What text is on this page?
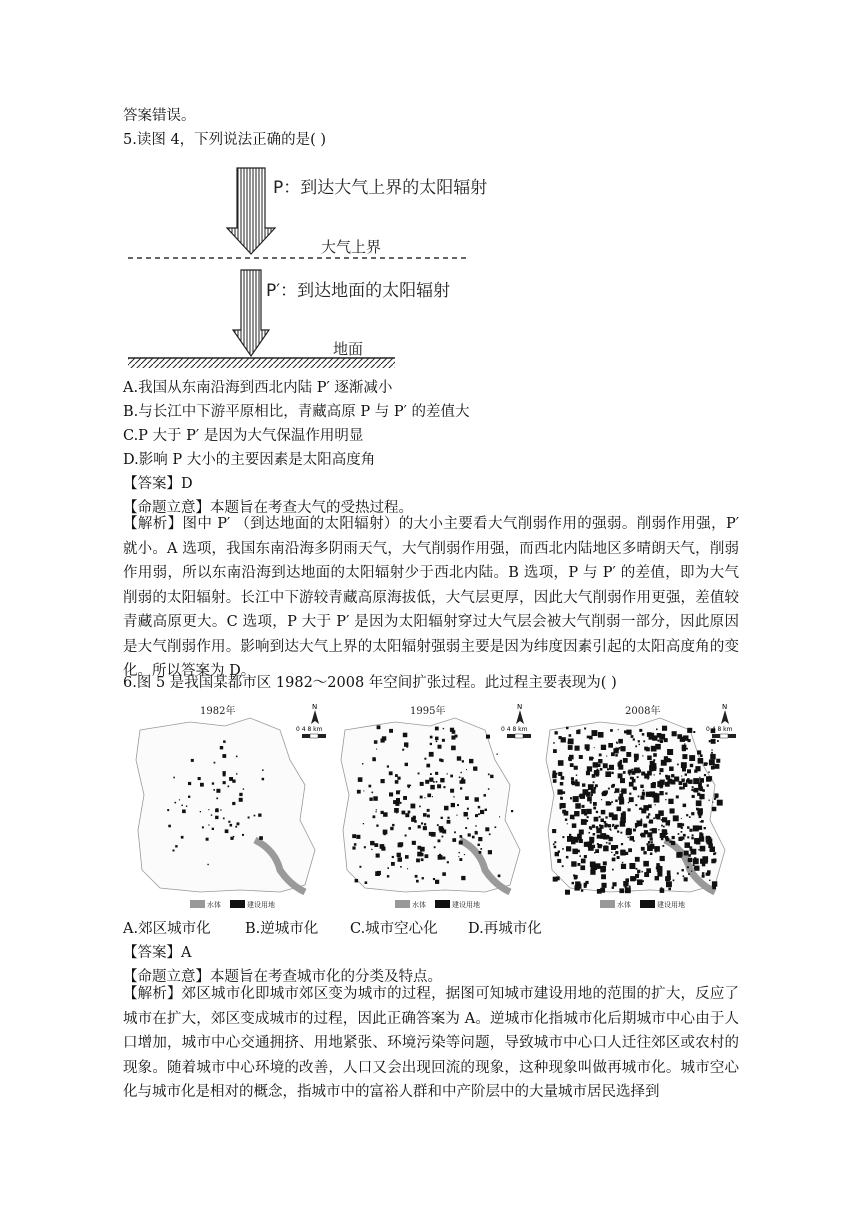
答案错误。
5.读图 4，下列说法正确的是( )
P：到达大气上界的太阳辐射
大气上界
P′：到达地面的太阳辐射
地面
A.我国从东南沿海到西北内陆 P′ 逐渐减小
B.与长江中下游平原相比，青藏高原 P 与 P′ 的差值大
C.P 大于 P′ 是因为大气保温作用明显
D.影响 P 大小的主要因素是太阳高度角
【答案】D
【命题立意】本题旨在考查大气的受热过程。
【解析】图中 P′ （到达地面的太阳辐射）的大小主要看大气削弱作用的强弱。削弱作用强，P′ 就小。A 选项，我国东南沿海多阴雨天气，大气削弱作用强，而西北内陆地区多晴朗天气，削弱作用弱，所以东南沿海到达地面的太阳辐射少于西北内陆。B 选项，P 与 P′ 的差值，即为大气削弱的太阳辐射。长江中下游较青藏高原海拔低，大气层更厚，因此大气削弱作用更强，差值较青藏高原更大。C 选项，P 大于 P′ 是因为太阳辐射穿过大气层会被大气削弱一部分，因此原因是大气削弱作用。影响到达大气上界的太阳辐射强弱主要是因为纬度因素引起的太阳高度角的变化。所以答案为 D。
6.图 5 是我国某都市区 1982～2008 年空间扩张过程。此过程主要表现为( )
N
0 4 8 km
1982年
水体	建设用地
N
0 4 8 km
1995年
水体	建设用地
N
0 4 8 km
2008年
水体	建设用地
A.郊区城市化 B.逆城市化 C.城市空心化 D.再城市化
【答案】A
【命题立意】本题旨在考查城市化的分类及特点。
【解析】郊区城市化即城市郊区变为城市的过程，据图可知城市建设用地的范围的扩大，反应了城市在扩大，郊区变成城市的过程，因此正确答案为 A。逆城市化指城市化后期城市中心由于人口增加，城市中心交通拥挤、用地紧张、环境污染等问题，导致城市中心口人迁往郊区或农村的现象。随着城市中心环境的改善，人口又会出现回流的现象，这种现象叫做再城市化。城市空心化与城市化是相对的概念，指城市中的富裕人群和中产阶层中的大量城市居民选择到
